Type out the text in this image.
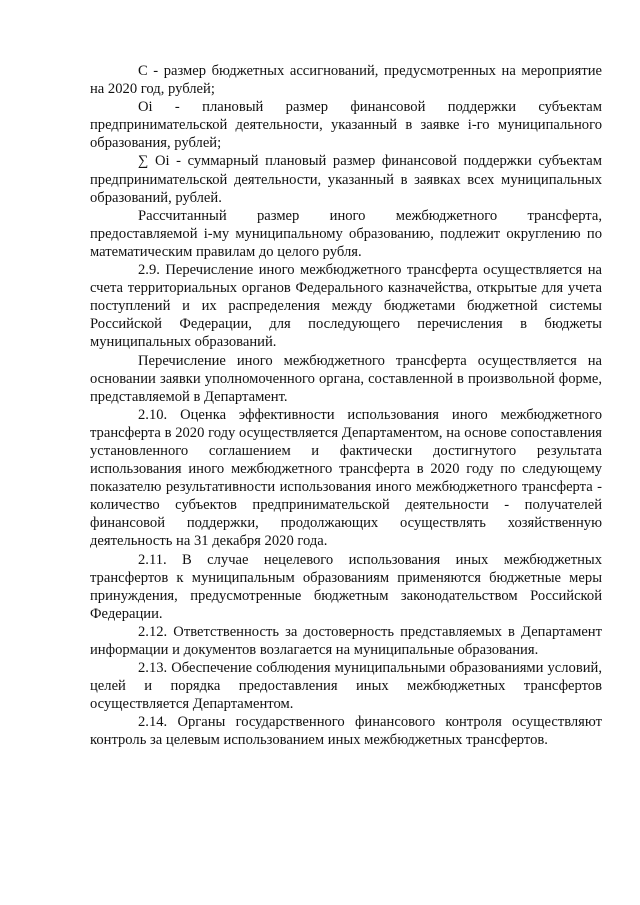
С - размер бюджетных ассигнований, предусмотренных на мероприятие на 2020 год, рублей;

Оi - плановый размер финансовой поддержки субъектам предпринимательской деятельности, указанный в заявке i-го муниципального образования, рублей;

∑ Оi - суммарный плановый размер финансовой поддержки субъектам предпринимательской деятельности, указанный в заявках всех муниципальных образований, рублей.

Рассчитанный размер иного межбюджетного трансферта, предоставляемой i-му муниципальному образованию, подлежит округлению по математическим правилам до целого рубля.

2.9. Перечисление иного межбюджетного трансферта осуществляется на счета территориальных органов Федерального казначейства, открытые для учета поступлений и их распределения между бюджетами бюджетной системы Российской Федерации, для последующего перечисления в бюджеты муниципальных образований.

Перечисление иного межбюджетного трансферта осуществляется на основании заявки уполномоченного органа, составленной в произвольной форме, представляемой в Департамент.

2.10. Оценка эффективности использования иного межбюджетного трансферта в 2020 году осуществляется Департаментом, на основе сопоставления установленного соглашением и фактически достигнутого результата использования иного межбюджетного трансферта в 2020 году по следующему показателю результативности использования иного межбюджетного трансферта - количество субъектов предпринимательской деятельности - получателей финансовой поддержки, продолжающих осуществлять хозяйственную деятельность на 31 декабря 2020 года.

2.11. В случае нецелевого использования иных межбюджетных трансфертов к муниципальным образованиям применяются бюджетные меры принуждения, предусмотренные бюджетным законодательством Российской Федерации.

2.12. Ответственность за достоверность представляемых в Департамент информации и документов возлагается на муниципальные образования.

2.13. Обеспечение соблюдения муниципальными образованиями условий, целей и порядка предоставления иных межбюджетных трансфертов осуществляется Департаментом.

2.14. Органы государственного финансового контроля осуществляют контроль за целевым использованием иных межбюджетных трансфертов.
